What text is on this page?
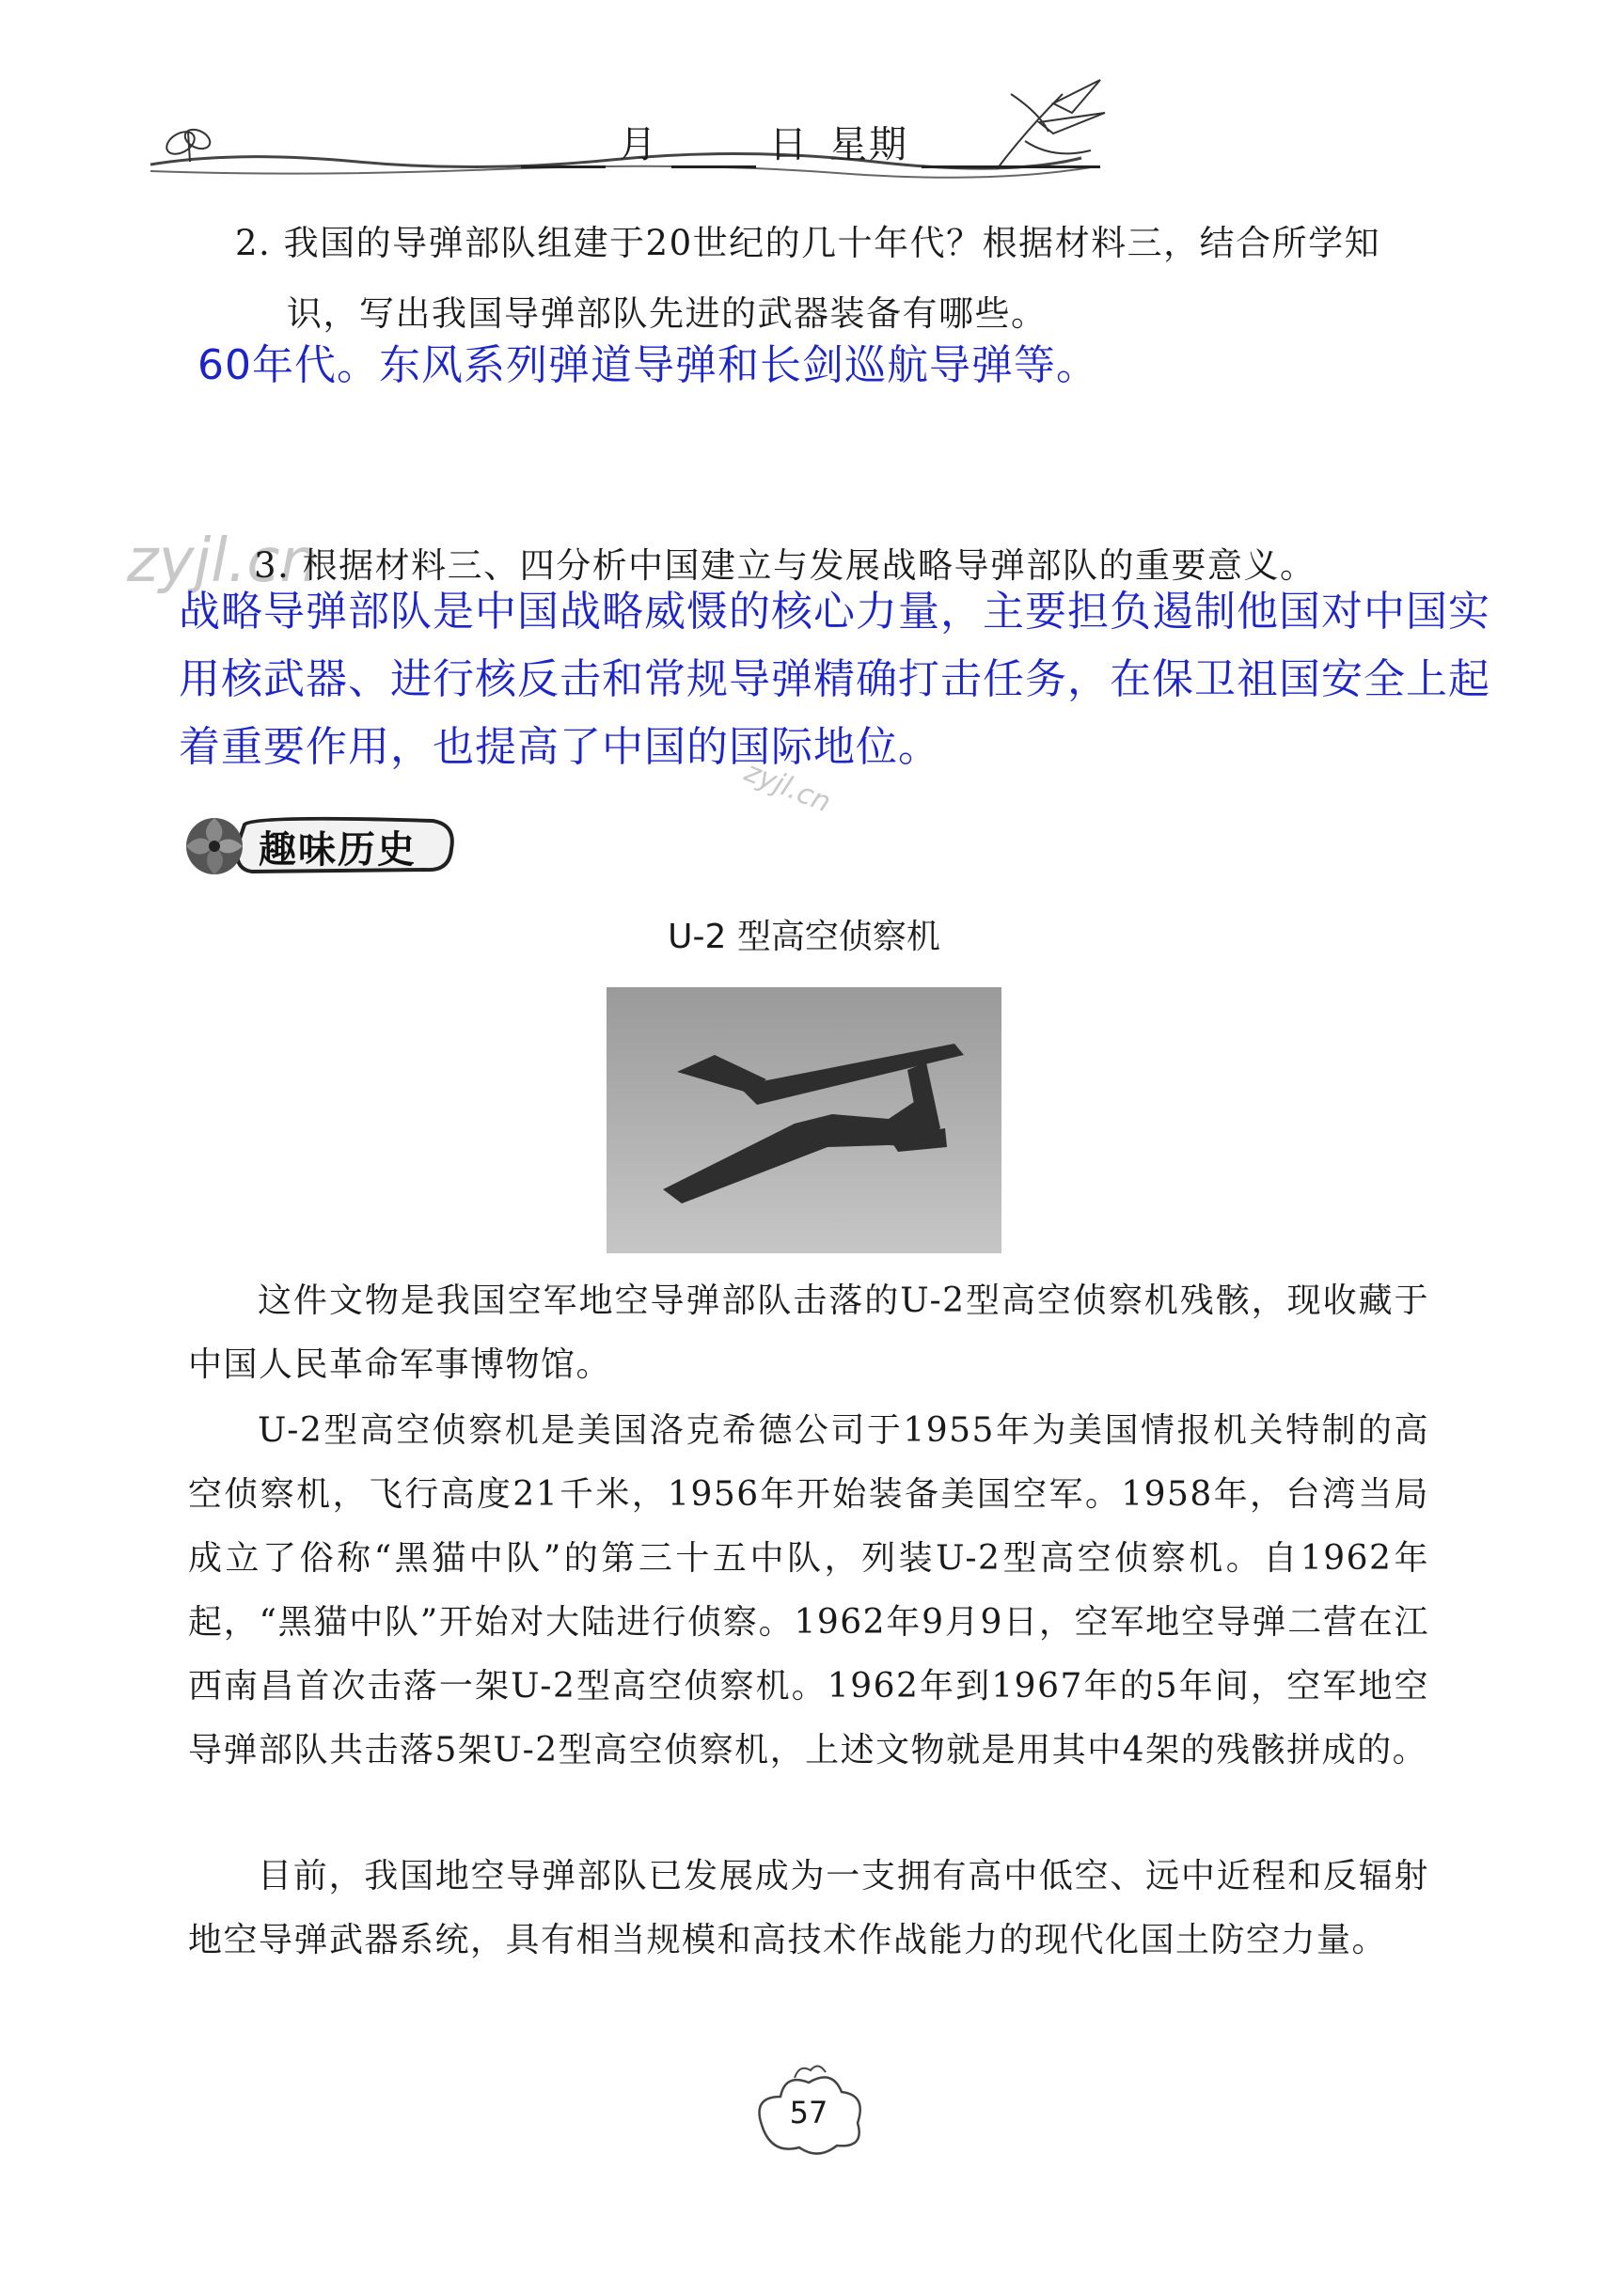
月	日 星期
2. 我国的导弹部队组建于20世纪的几十年代？根据材料三，结合所学知
识，写出我国导弹部队先进的武器装备有哪些。
60年代。东风系列弹道导弹和长剑巡航导弹等。
zyjl.cn
zyjl.cn
3. 根据材料三、四分析中国建立与发展战略导弹部队的重要意义。
战略导弹部队是中国战略威慑的核心力量，主要担负遏制他国对中国实用核武器、进行核反击和常规导弹精确打击任务，在保卫祖国安全上起着重要作用，也提高了中国的国际地位。
趣味历史
U-2 型高空侦察机

这件文物是我国空军地空导弹部队击落的U-2型高空侦察机残骸，现收藏于中国人民革命军事博物馆。

U-2型高空侦察机是美国洛克希德公司于1955年为美国情报机关特制的高空侦察机，飞行高度21千米，1956年开始装备美国空军。1958年，台湾当局成立了俗称“黑猫中队”的第三十五中队，列装U-2型高空侦察机。自1962年起，“黑猫中队”开始对大陆进行侦察。1962年9月9日，空军地空导弹二营在江西南昌首次击落一架U-2型高空侦察机。1962年到1967年的5年间，空军地空导弹部队共击落5架U-2型高空侦察机，上述文物就是用其中4架的残骸拼成的。

目前，我国地空导弹部队已发展成为一支拥有高中低空、远中近程和反辐射地空导弹武器系统，具有相当规模和高技术作战能力的现代化国土防空力量。

57
